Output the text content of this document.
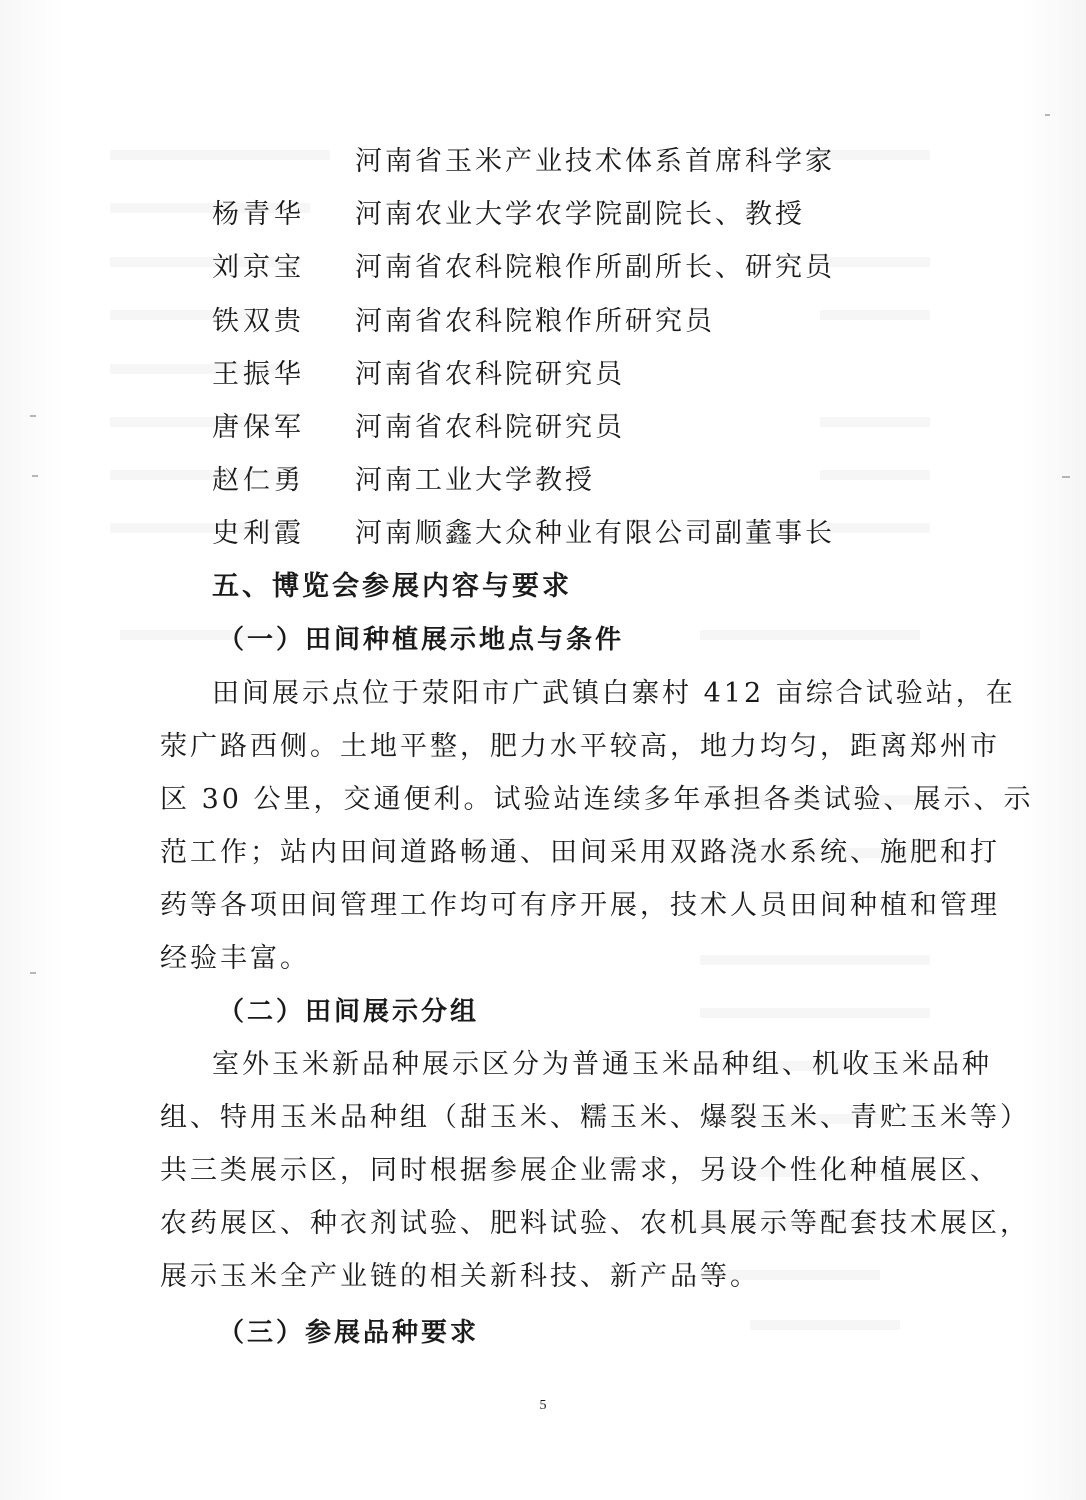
河南省玉米产业技术体系首席科学家
杨青华 河南农业大学农学院副院长、教授
刘京宝 河南省农科院粮作所副所长、研究员
铁双贵 河南省农科院粮作所研究员
王振华 河南省农科院研究员
唐保军 河南省农科院研究员
赵仁勇 河南工业大学教授
史利霞 河南顺鑫大众种业有限公司副董事长
五、博览会参展内容与要求
（一）田间种植展示地点与条件
田间展示点位于荥阳市广武镇白寨村 412 亩综合试验站，在
荥广路西侧。土地平整，肥力水平较高，地力均匀，距离郑州市
区 30 公里，交通便利。试验站连续多年承担各类试验、展示、示
范工作；站内田间道路畅通、田间采用双路浇水系统、施肥和打
药等各项田间管理工作均可有序开展，技术人员田间种植和管理
经验丰富。
（二）田间展示分组
室外玉米新品种展示区分为普通玉米品种组、机收玉米品种
组、特用玉米品种组（甜玉米、糯玉米、爆裂玉米、青贮玉米等）
共三类展示区，同时根据参展企业需求，另设个性化种植展区、
农药展区、种衣剂试验、肥料试验、农机具展示等配套技术展区，
展示玉米全产业链的相关新科技、新产品等。
（三）参展品种要求
5
